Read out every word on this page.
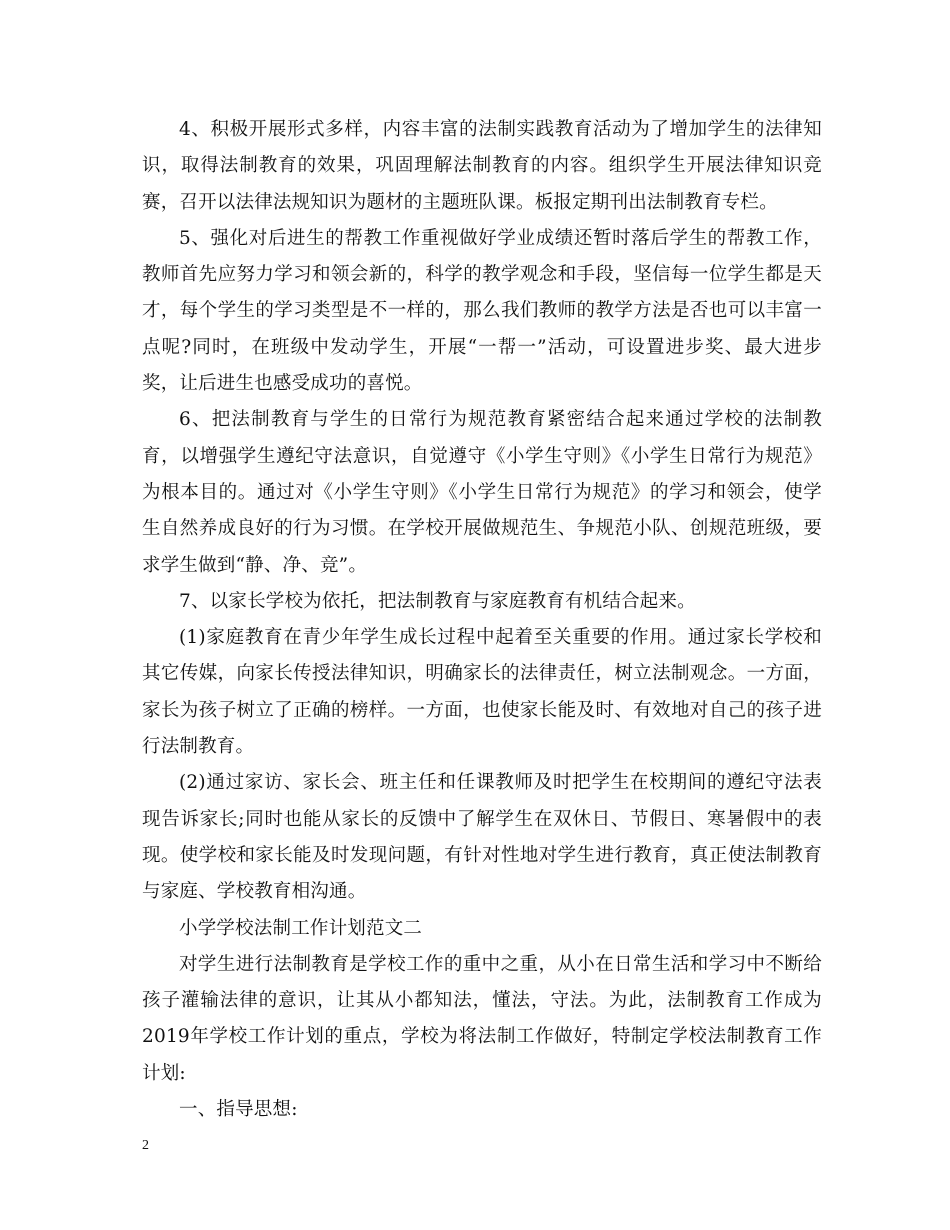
4、积极开展形式多样，内容丰富的法制实践教育活动为了增加学生的法律知识，取得法制教育的效果，巩固理解法制教育的内容。组织学生开展法律知识竞赛，召开以法律法规知识为题材的主题班队课。板报定期刊出法制教育专栏。

5、强化对后进生的帮教工作重视做好学业成绩还暂时落后学生的帮教工作，教师首先应努力学习和领会新的，科学的教学观念和手段，坚信每一位学生都是天才，每个学生的学习类型是不一样的，那么我们教师的教学方法是否也可以丰富一点呢?同时，在班级中发动学生，开展“一帮一”活动，可设置进步奖、最大进步奖，让后进生也感受成功的喜悦。

6、把法制教育与学生的日常行为规范教育紧密结合起来通过学校的法制教育，以增强学生遵纪守法意识，自觉遵守《小学生守则》《小学生日常行为规范》为根本目的。通过对《小学生守则》《小学生日常行为规范》的学习和领会，使学生自然养成良好的行为习惯。在学校开展做规范生、争规范小队、创规范班级，要求学生做到“静、净、竞”。

7、以家长学校为依托，把法制教育与家庭教育有机结合起来。

(1)家庭教育在青少年学生成长过程中起着至关重要的作用。通过家长学校和其它传媒，向家长传授法律知识，明确家长的法律责任，树立法制观念。一方面，家长为孩子树立了正确的榜样。一方面，也使家长能及时、有效地对自己的孩子进行法制教育。

(2)通过家访、家长会、班主任和任课教师及时把学生在校期间的遵纪守法表现告诉家长;同时也能从家长的反馈中了解学生在双休日、节假日、寒暑假中的表现。使学校和家长能及时发现问题，有针对性地对学生进行教育，真正使法制教育与家庭、学校教育相沟通。

小学学校法制工作计划范文二

对学生进行法制教育是学校工作的重中之重，从小在日常生活和学习中不断给孩子灌输法律的意识，让其从小都知法，懂法，守法。为此，法制教育工作成为2019年学校工作计划的重点，学校为将法制工作做好，特制定学校法制教育工作计划:

一、指导思想:

2
